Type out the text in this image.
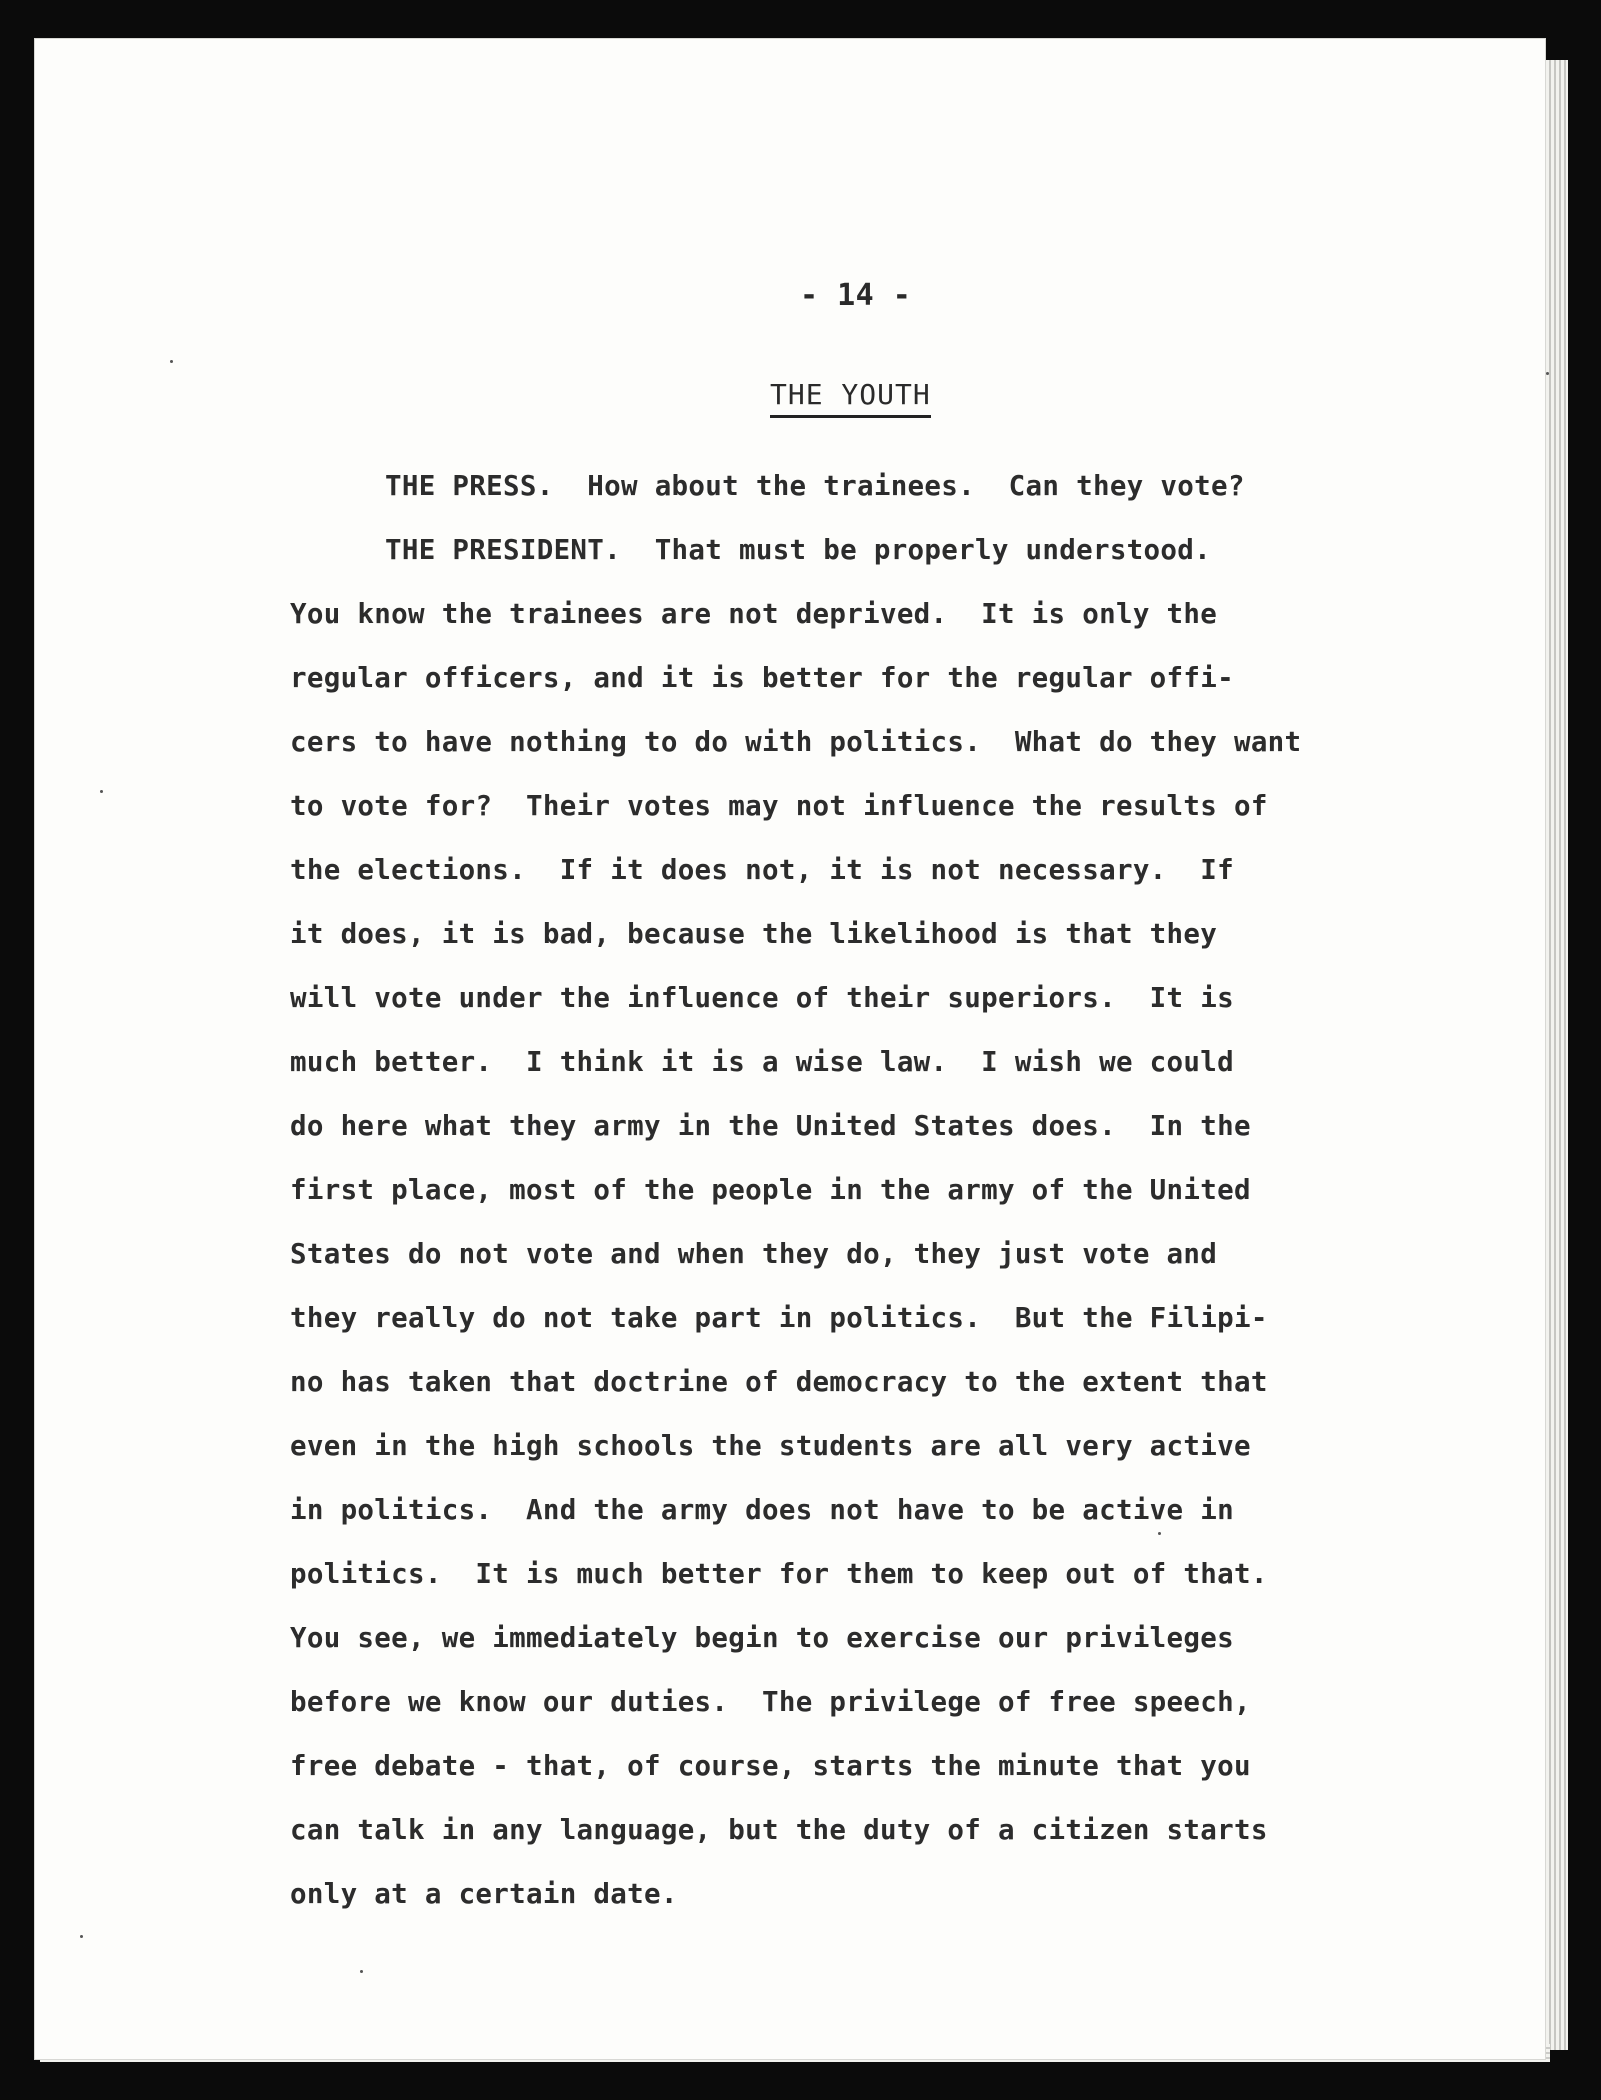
- 14 -
THE YOUTH
THE PRESS.  How about the trainees.  Can they vote?
THE PRESIDENT.  That must be properly understood.
You know the trainees are not deprived.  It is only the
regular officers, and it is better for the regular offi-
cers to have nothing to do with politics.  What do they want
to vote for?  Their votes may not influence the results of
the elections.  If it does not, it is not necessary.  If
it does, it is bad, because the likelihood is that they
will vote under the influence of their superiors.  It is
much better.  I think it is a wise law.  I wish we could
do here what they army in the United States does.  In the
first place, most of the people in the army of the United
States do not vote and when they do, they just vote and
they really do not take part in politics.  But the Filipi-
no has taken that doctrine of democracy to the extent that
even in the high schools the students are all very active
in politics.  And the army does not have to be active in
politics.  It is much better for them to keep out of that.
You see, we immediately begin to exercise our privileges
before we know our duties.  The privilege of free speech,
free debate - that, of course, starts the minute that you
can talk in any language, but the duty of a citizen starts
only at a certain date.
